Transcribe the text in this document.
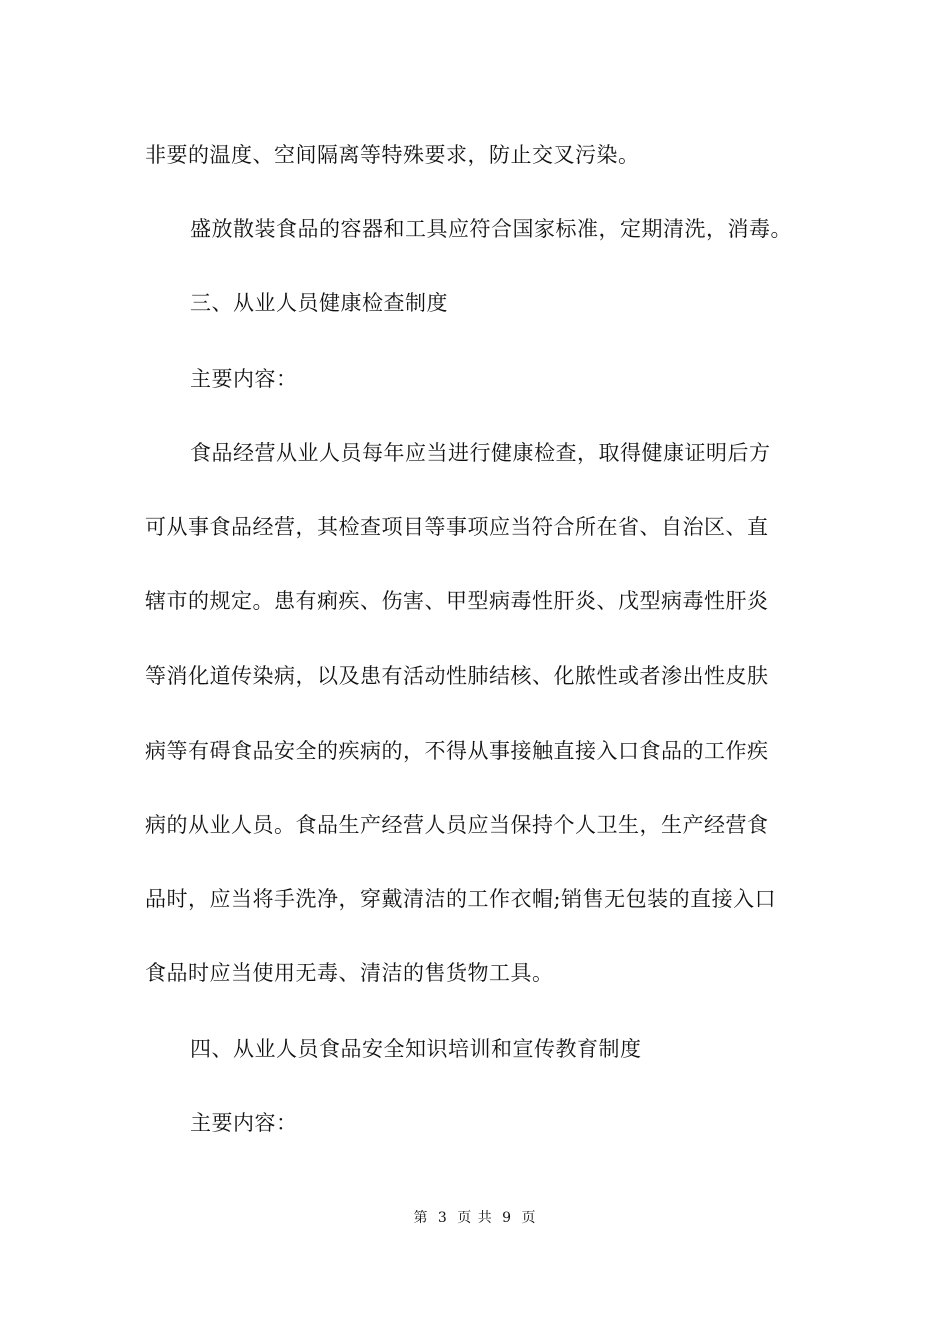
非要的温度、空间隔离等特殊要求，防止交叉污染。
盛放散装食品的容器和工具应符合国家标准，定期清洗，消毒。
三、从业人员健康检查制度
主要内容：
食品经营从业人员每年应当进行健康检查，取得健康证明后方
可从事食品经营，其检查项目等事项应当符合所在省、自治区、直
辖市的规定。患有痢疾、伤害、甲型病毒性肝炎、戊型病毒性肝炎
等消化道传染病，以及患有活动性肺结核、化脓性或者渗出性皮肤
病等有碍食品安全的疾病的，不得从事接触直接入口食品的工作疾
病的从业人员。食品生产经营人员应当保持个人卫生，生产经营食
品时，应当将手洗净，穿戴清洁的工作衣帽;销售无包装的直接入口
食品时应当使用无毒、清洁的售货物工具。
四、从业人员食品安全知识培训和宣传教育制度
主要内容：
第 3 页 共 9 页
